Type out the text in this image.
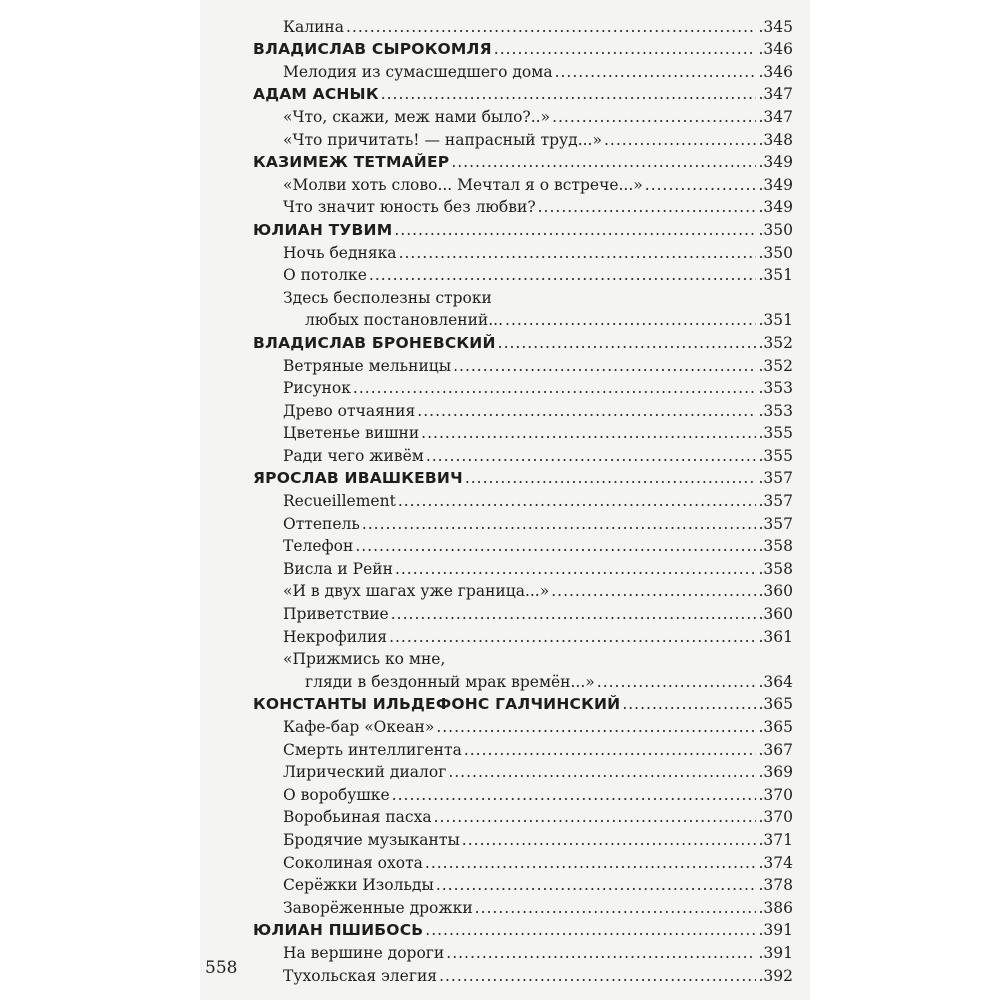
Калина .....	.345
ВЛАДИСЛАВ СЫРОКОМЛЯ .....	.346
Мелодия из сумасшедшего дома .....	.346
АДАМ АСНЫК .....	.347
«Что, скажи, меж нами было?..» .....	.347
«Что причитать! — напрасный труд...» .....	.348
КАЗИМЕЖ ТЕТМАЙЕР .....	.349
«Молви хоть слово... Мечтал я о встрече...» .....	.349
Что значит юность без любви? .....	.349
ЮЛИАН ТУВИМ .....	.350
Ночь бедняка .....	.350
О потолке .....	.351
Здесь бесполезны строки
любых постановлений... .....	.351
ВЛАДИСЛАВ БРОНЕВСКИЙ .....	.352
Ветряные мельницы .....	.352
Рисунок .....	.353
Древо отчаяния .....	.353
Цветенье вишни .....	.355
Ради чего живём .....	.355
ЯРОСЛАВ ИВАШКЕВИЧ .....	.357
Recueillement .....	.357
Оттепель .....	.357
Телефон .....	.358
Висла и Рейн .....	.358
«И в двух шагах уже граница...» .....	.360
Приветствие .....	.360
Некрофилия .....	.361
«Прижмись ко мне,
гляди в бездонный мрак времён...» .....	.364
КОНСТАНТЫ ИЛЬДЕФОНС ГАЛЧИНСКИЙ .....	.365
Кафе-бар «Океан» .....	.365
Смерть интеллигента .....	.367
Лирический диалог .....	.369
О воробушке .....	.370
Воробьиная пасха .....	.370
Бродячие музыканты .....	.371
Соколиная охота .....	.374
Серёжки Изольды .....	.378
Заворёженные дрожки .....	.386
ЮЛИАН ПШИБОСЬ .....	.391
На вершине дороги .....	.391
Тухольская элегия .....	.392
558
